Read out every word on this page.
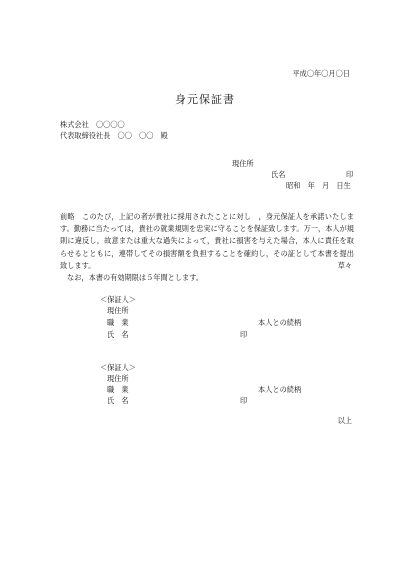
平成〇年〇月〇日
身元保証書
株式会社　〇〇〇〇
代表取締役社長　〇〇　〇〇　殿
現住所
氏名	印
昭和　年　月　日生

前略　このたび，上記の者が貴社に採用されたことに対し　，身元保証人を承諾いたします。勤務に当たっては，貴社の就業規則を忠実に守ることを保証致します。万一，本人が規則に違反し，故意または重大な過失によって，貴社に損害を与えた場合，本人に責任を取らせるとともに，連帯してその損害額を負担することを確約し，その証として本書を提出致します。

なお，本書の有効期限は５年間とします。

草々
＜保証人＞
現住所
職　業	本人との続柄
氏　名	印
＜保証人＞
現住所
職　業	本人との続柄
氏　名	印
以上
